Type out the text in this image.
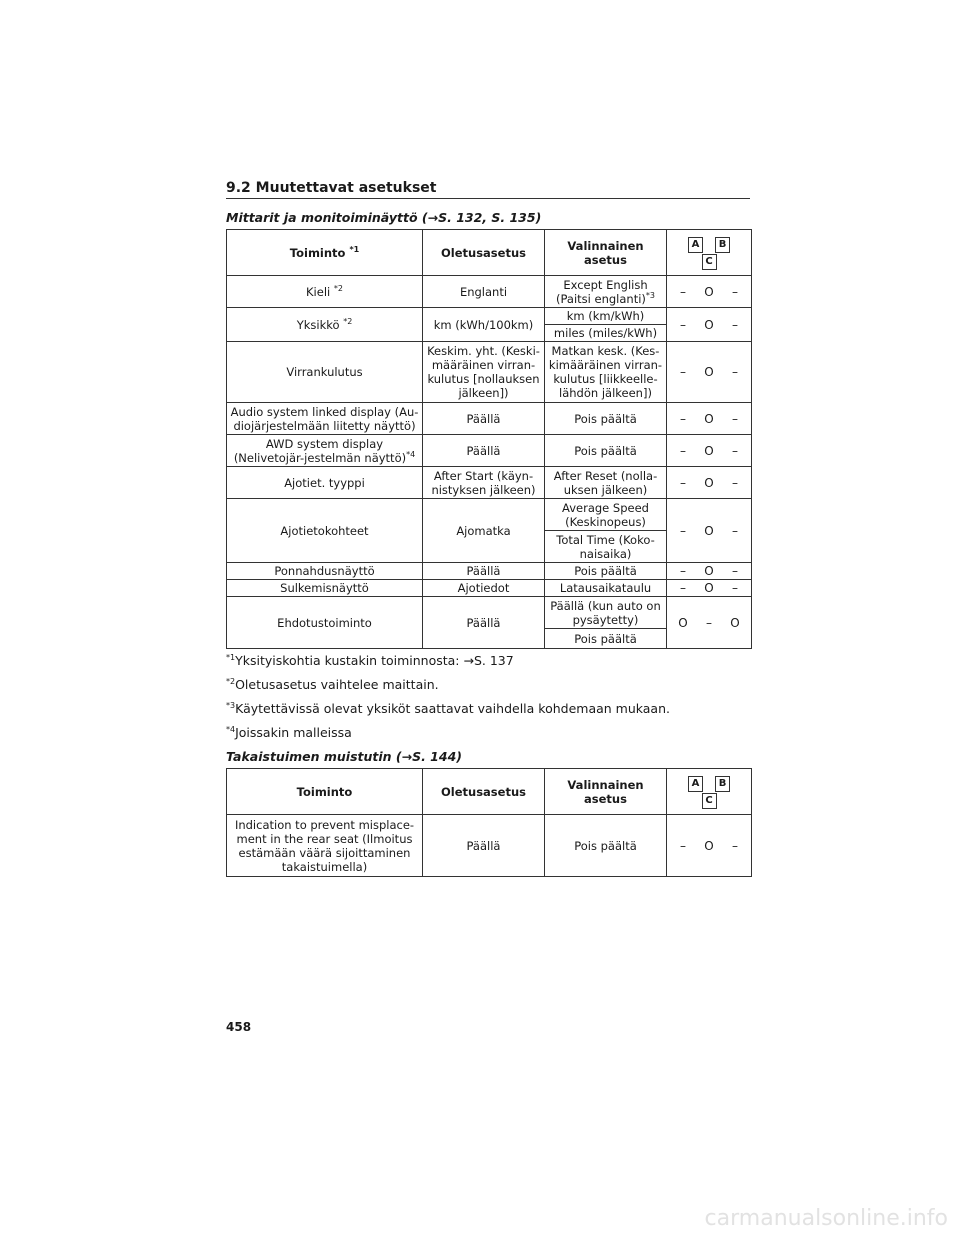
9.2 Muutettavat asetukset
Mittarit ja monitoiminäyttö (→S. 132, S. 135)
Toiminto $^{*1}$	Oletusasetus	Valinnainen asetus	A BC
Kieli $^{*2}$	Englanti	Except English (Paitsi englanti)$^{*3}$	– O –
Yksikkö $^{*2}$	km (kWh/100km)	km (km/kWh)	– O –
		miles (miles/kWh)	
Virrankulutus	Keskim. yht. (Keski-määräinen virran-kulutus [nollauksen jälkeen])	Matkan kesk. (Kes-kimääräinen virran-kulutus [liikkeelle-lähdön jälkeen])	– O –
Audio system linked display (Au-diojärjestelmään liitetty näyttö)	Päällä	Pois päältä	– O –
AWD system display (Nelivetojär-jestelmän näyttö)$^{*4}$	Päällä	Pois päältä	– O –
Ajotiet. tyyppi	After Start (käyn-nistyksen jälkeen)	After Reset (nolla-uksen jälkeen)	– O –
Ajotietokohteet	Ajomatka	Average Speed (Keskinopeus)	– O –
		Total Time (Koko-naisaika)	
Ponnahdusnäyttö	Päällä	Pois päältä	– O –
Sulkemisnäyttö	Ajotiedot	Latausaikataulu	– O –
Ehdotustoiminto	Päällä	Päällä (kun auto on pysäytetty)	O – O
		Pois päältä	
$^{*1}$Yksityiskohtia kustakin toiminnosta: →S. 137
$^{*2}$Oletusasetus vaihtelee maittain.
$^{*3}$Käytettävissä olevat yksiköt saattavat vaihdella kohdemaan mukaan.
$^{*4}$Joissakin malleissa
Takaistuimen muistutin (→S. 144)
Toiminto	Oletusasetus	Valinnainen asetus	A BC
Indication to prevent misplace-ment in the rear seat (Ilmoitus estämään väärä sijoittaminen takaistuimella)	Päällä	Pois päältä	– O –
458
carmanualsonline.info
